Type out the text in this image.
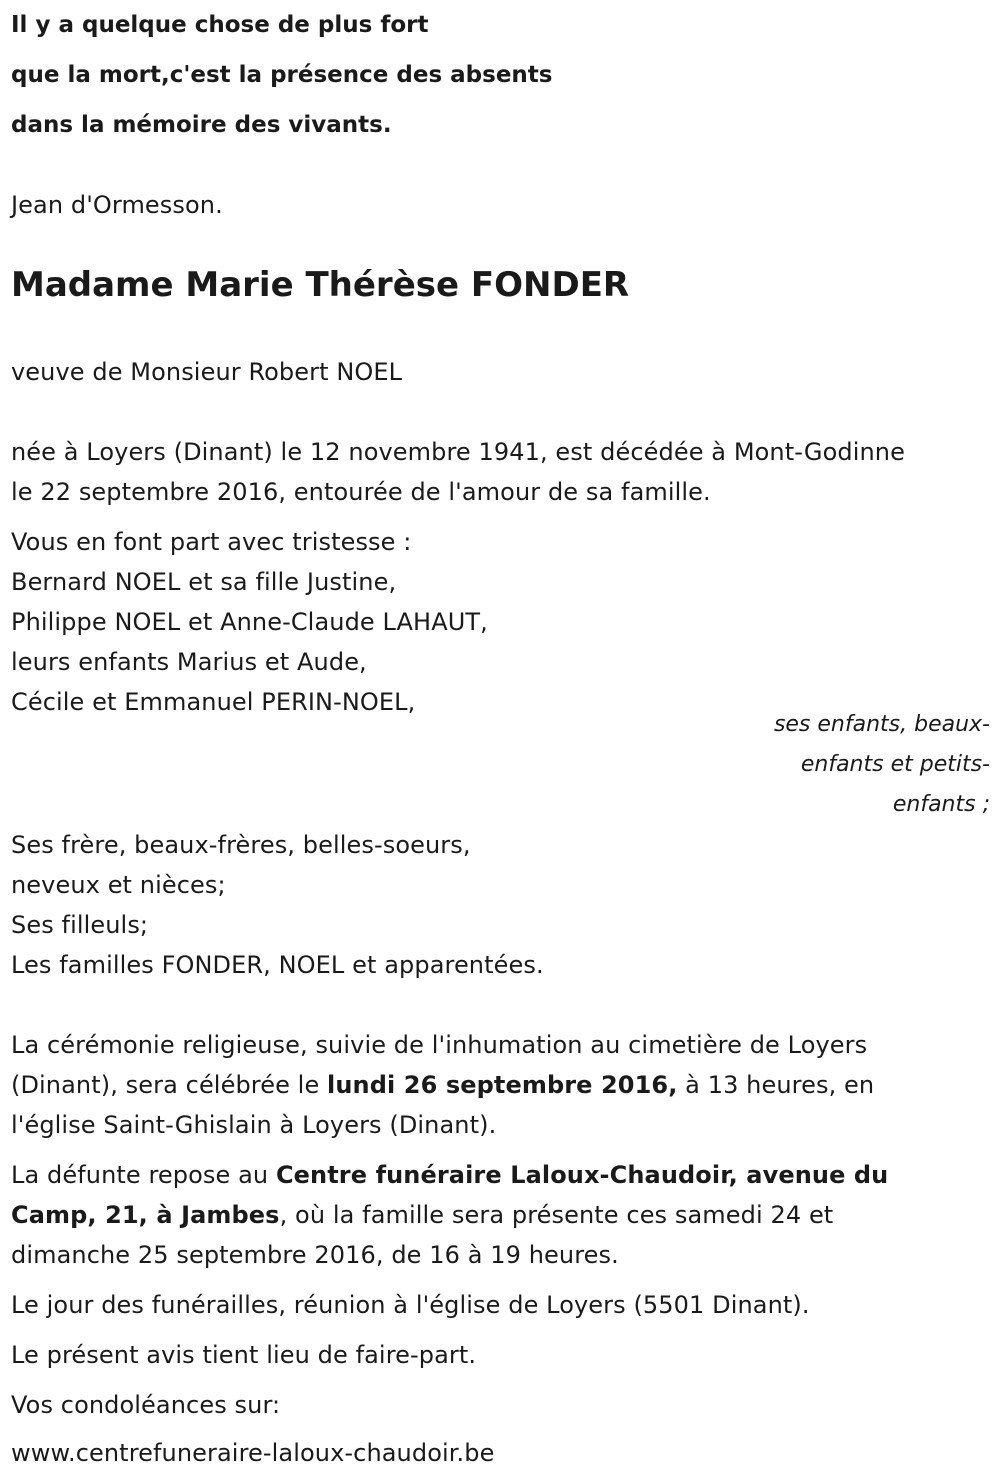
Il y a quelque chose de plus fort
que la mort,c'est la présence des absents
dans la mémoire des vivants.
Jean d'Ormesson.
Madame Marie Thérèse FONDER
veuve de Monsieur Robert NOEL
née à Loyers (Dinant) le 12 novembre 1941, est décédée à Mont-Godinne
le 22 septembre 2016, entourée de l'amour de sa famille.
Vous en font part avec tristesse :
Bernard NOEL et sa fille Justine,
Philippe NOEL et Anne-Claude LAHAUT,
leurs enfants Marius et Aude,
Cécile et Emmanuel PERIN-NOEL,
ses enfants, beaux-
enfants et petits-
enfants ;
Ses frère, beaux-frères, belles-soeurs,
neveux et nièces;
Ses filleuls;
Les familles FONDER, NOEL et apparentées.
La cérémonie religieuse, suivie de l'inhumation au cimetière de Loyers
(Dinant), sera célébrée le lundi 26 septembre 2016, à 13 heures, en
l'église Saint-Ghislain à Loyers (Dinant).
La défunte repose au Centre funéraire Laloux-Chaudoir, avenue du
Camp, 21, à Jambes, où la famille sera présente ces samedi 24 et
dimanche 25 septembre 2016, de 16 à 19 heures.
Le jour des funérailles, réunion à l'église de Loyers (5501 Dinant).
Le présent avis tient lieu de faire-part.
Vos condoléances sur:
www.centrefuneraire-laloux-chaudoir.be
